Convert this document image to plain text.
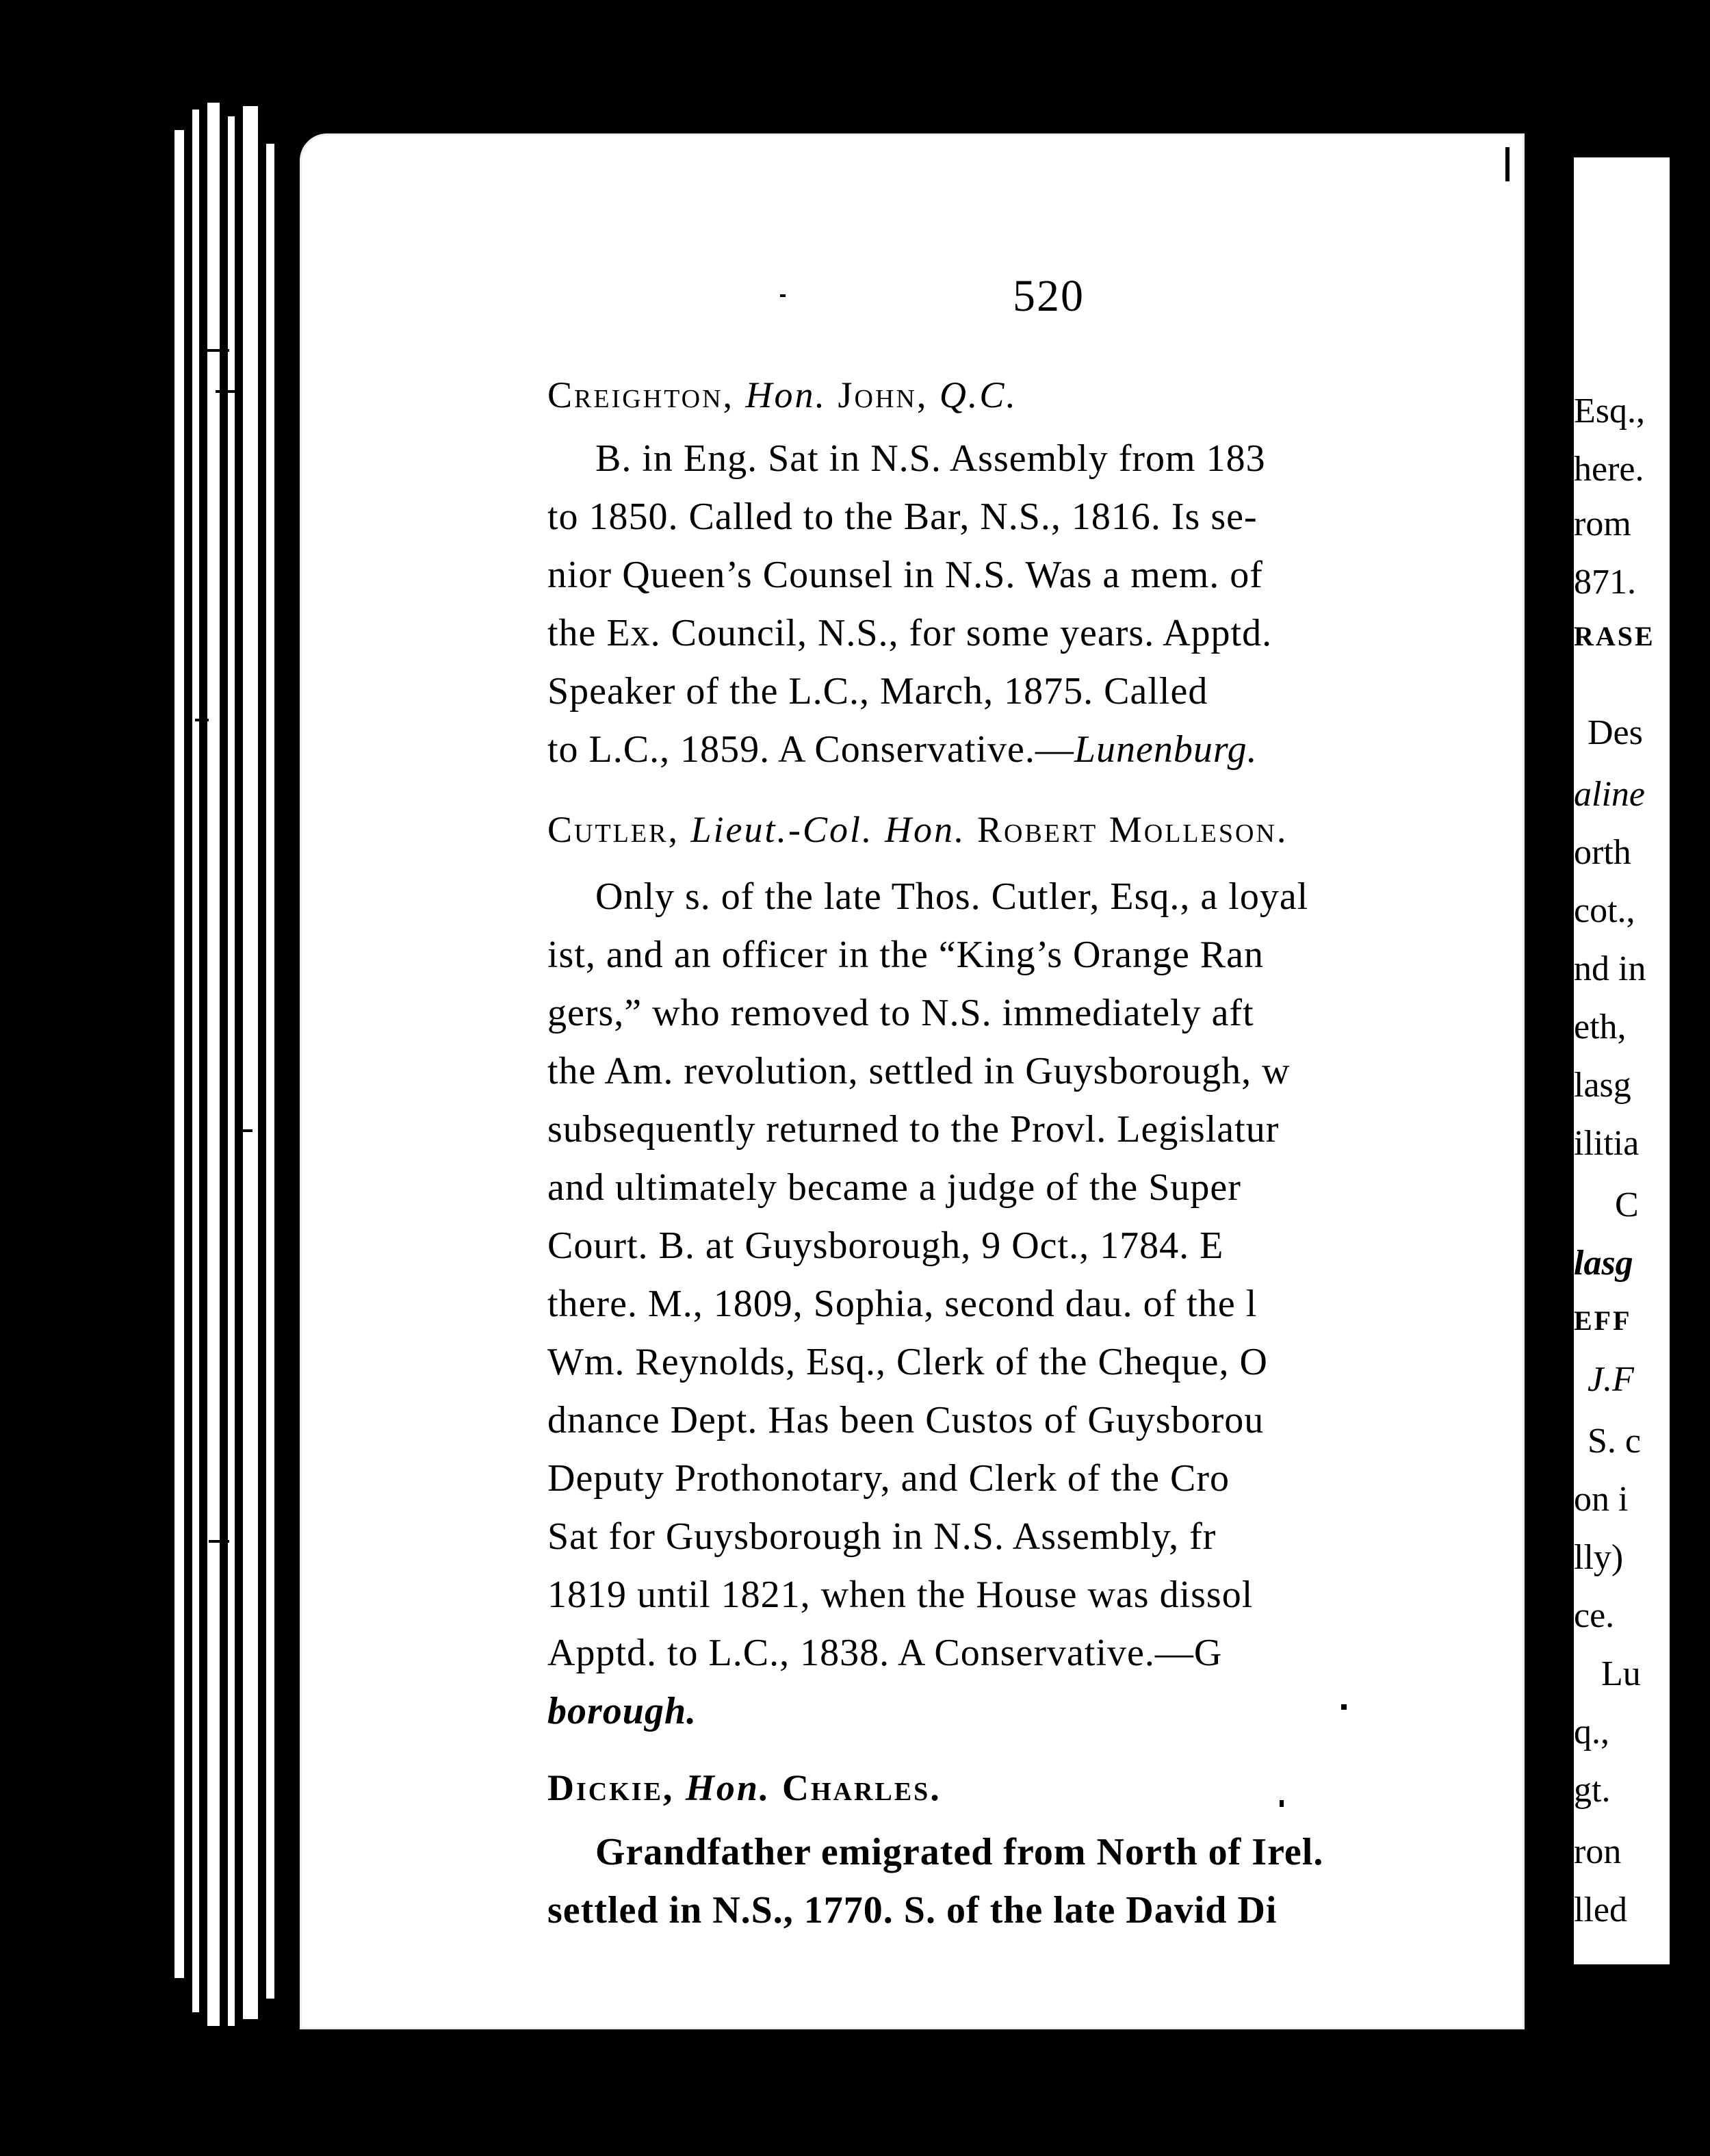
Esq.,
here.
rom
871.
RASE
Des
aline
orth
cot.,
nd in
eth,
lasg
ilitia
C
lasg
EFF
J.F
S. c
on i
lly)
ce.
Lu
q.,
gt.
ron
lled
520
Creighton, Hon. John, Q.C.
B. in Eng. Sat in N.S. Assembly from 183
to 1850. Called to the Bar, N.S., 1816. Is se-
nior Queen’s Counsel in N.S. Was a mem. of
the Ex. Council, N.S., for some years. Apptd.
Speaker of the L.C., March, 1875. Called
to L.C., 1859. A Conservative.—Lunenburg.
Cutler, Lieut.-Col. Hon. Robert Molleson.
Only s. of the late Thos. Cutler, Esq., a loyal
ist, and an officer in the “King’s Orange Ran
gers,” who removed to N.S. immediately aft
the Am. revolution, settled in Guysborough, w
subsequently returned to the Provl. Legislatur
and ultimately became a judge of the Super
Court. B. at Guysborough, 9 Oct., 1784. E
there. M., 1809, Sophia, second dau. of the l
Wm. Reynolds, Esq., Clerk of the Cheque, O
dnance Dept. Has been Custos of Guysborou
Deputy Prothonotary, and Clerk of the Cro
Sat for Guysborough in N.S. Assembly, fr
1819 until 1821, when the House was dissol
Apptd. to L.C., 1838. A Conservative.—G
borough.
Dickie, Hon. Charles.
Grandfather emigrated from North of Irel.
settled in N.S., 1770. S. of the late David Di
